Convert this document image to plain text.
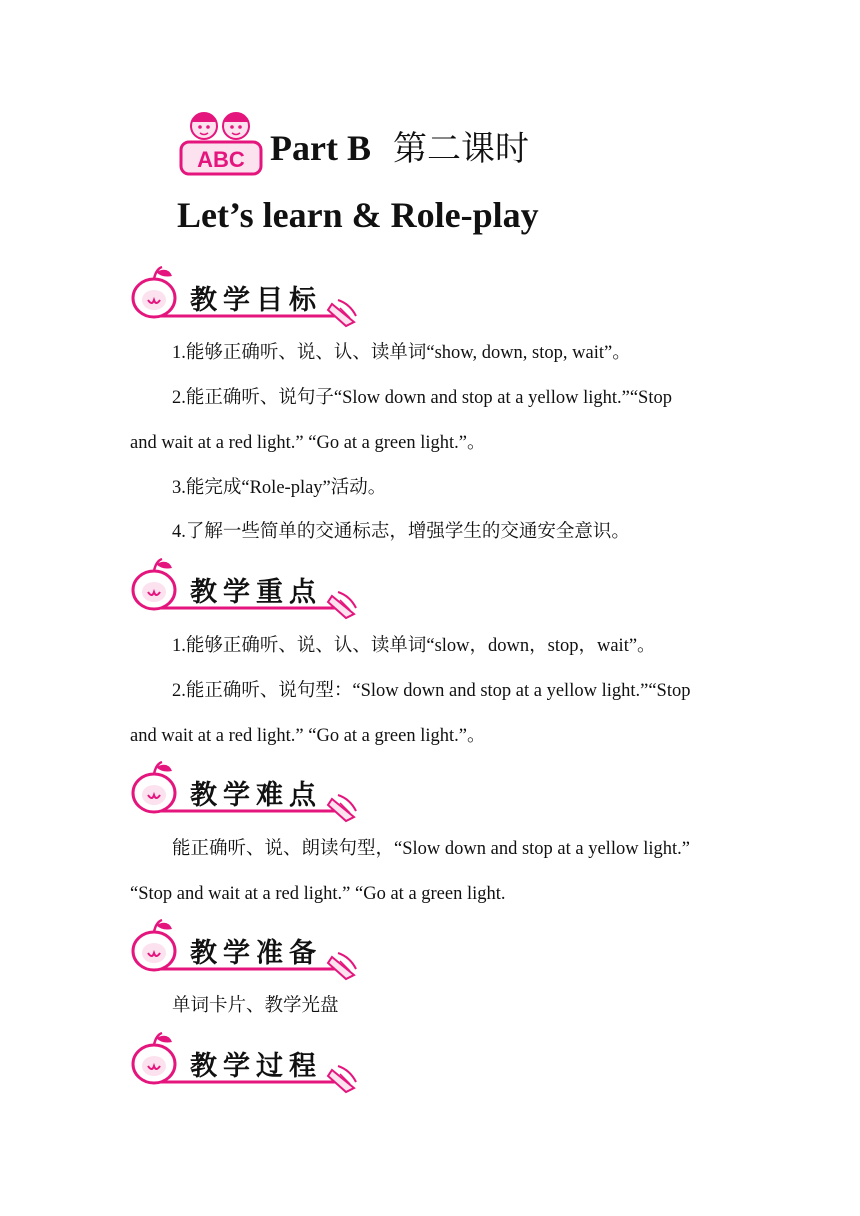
ABC Part B 第二课时
Let’s learn & Role-play
教学目标
1.能够正确听、说、认、读单词“show, down, stop, wait”。
2.能正确听、说句子“Slow down and stop at a yellow light.”“Stop
and wait at a red light.” “Go at a green light.”。
3.能完成“Role-play”活动。
4.了解一些简单的交通标志，增强学生的交通安全意识。
教学重点
1.能够正确听、说、认、读单词“slow，down，stop，wait”。
2.能正确听、说句型：“Slow down and stop at a yellow light.”“Stop
and wait at a red light.” “Go at a green light.”。
教学难点
能正确听、说、朗读句型，“Slow down and stop at a yellow light.”
“Stop and wait at a red light.” “Go at a green light.
教学准备
单词卡片、教学光盘
教学过程
